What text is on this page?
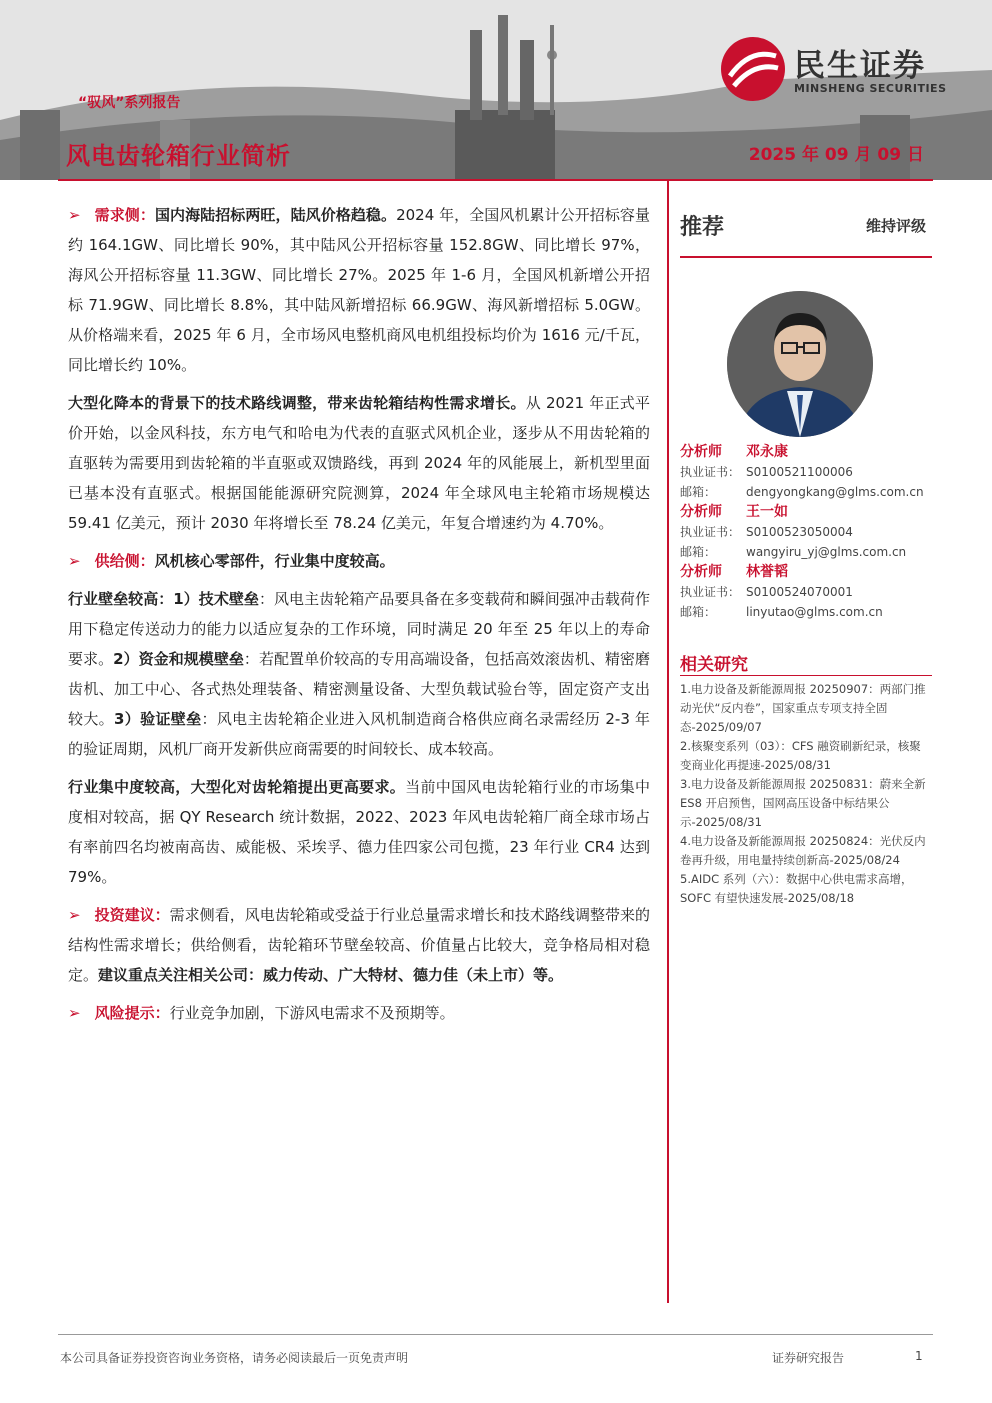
“驭风”系列报告
风电齿轮箱行业简析	2025 年 09 月 09 日
民生证券
MINSHENG SECURITIES

➢ 需求侧：国内海陆招标两旺，陆风价格趋稳。2024 年，全国风机累计公开招标容量约 164.1GW、同比增长 90%，其中陆风公开招标容量 152.8GW、同比增长 97%，海风公开招标容量 11.3GW、同比增长 27%。2025 年 1-6 月，全国风机新增公开招标 71.9GW、同比增长 8.8%，其中陆风新增招标 66.9GW、海风新增招标 5.0GW。从价格端来看，2025 年 6 月，全市场风电整机商风电机组投标均价为 1616 元/千瓦，同比增长约 10%。

大型化降本的背景下的技术路线调整，带来齿轮箱结构性需求增长。从 2021 年正式平价开始，以金风科技，东方电气和哈电为代表的直驱式风机企业，逐步从不用齿轮箱的直驱转为需要用到齿轮箱的半直驱或双馈路线，再到 2024 年的风能展上，新机型里面已基本没有直驱式。根据国能能源研究院测算，2024 年全球风电主轮箱市场规模达 59.41 亿美元，预计 2030 年将增长至 78.24 亿美元，年复合增速约为 4.70%。

➢ 供给侧：风机核心零部件，行业集中度较高。

行业壁垒较高：1）技术壁垒：风电主齿轮箱产品要具备在多变载荷和瞬间强冲击载荷作用下稳定传送动力的能力以适应复杂的工作环境，同时满足 20 年至 25 年以上的寿命要求。2）资金和规模壁垒：若配置单价较高的专用高端设备，包括高效滚齿机、精密磨齿机、加工中心、各式热处理装备、精密测量设备、大型负载试验台等，固定资产支出较大。3）验证壁垒：风电主齿轮箱企业进入风机制造商合格供应商名录需经历 2-3 年的验证周期，风机厂商开发新供应商需要的时间较长、成本较高。

行业集中度较高，大型化对齿轮箱提出更高要求。当前中国风电齿轮箱行业的市场集中度相对较高，据 QY Research 统计数据，2022、2023 年风电齿轮箱厂商全球市场占有率前四名均被南高齿、威能极、采埃孚、德力佳四家公司包揽，23 年行业 CR4 达到 79%。

➢ 投资建议：需求侧看，风电齿轮箱或受益于行业总量需求增长和技术路线调整带来的结构性需求增长；供给侧看，齿轮箱环节壁垒较高、价值量占比较大，竞争格局相对稳定。建议重点关注相关公司：威力传动、广大特材、德力佳（未上市）等。

➢ 风险提示：行业竞争加剧，下游风电需求不及预期等。

推荐	维持评级
分析师 邓永康
执业证书： S0100521100006
邮箱： dengyongkang@glms.com.cn
分析师 王一如
执业证书： S0100523050004
邮箱： wangyiru_yj@glms.com.cn
分析师 林誉韬
执业证书： S0100524070001
邮箱： linyutao@glms.com.cn
相关研究
1.电力设备及新能源周报 20250907：两部门推动光伏“反内卷”，国家重点专项支持全固态-2025/09/07
2.核聚变系列（03）：CFS 融资刷新纪录，核聚变商业化再提速-2025/08/31
3.电力设备及新能源周报 20250831：蔚来全新 ES8 开启预售，国网高压设备中标结果公示-2025/08/31
4.电力设备及新能源周报 20250824：光伏反内卷再升级，用电量持续创新高-2025/08/24
5.AIDC 系列（六）：数据中心供电需求高增，SOFC 有望快速发展-2025/08/18
本公司具备证券投资咨询业务资格，请务必阅读最后一页免责声明	证券研究报告	1
